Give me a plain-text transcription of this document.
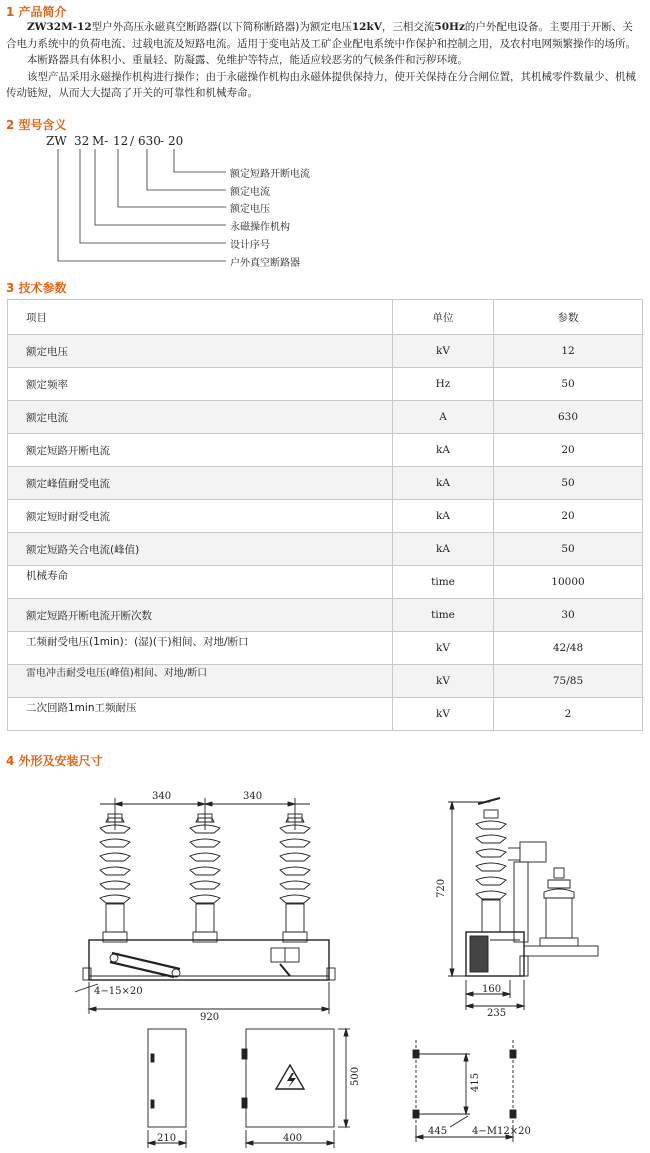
1 产品简介

ZW32M-12型户外高压永磁真空断路器(以下简称断路器)为额定电压12kV，三相交流50Hz的户外配电设备。主要用于开断、关合电力系统中的负荷电流、过载电流及短路电流。适用于变电站及工矿企业配电系统中作保护和控制之用，及农村电网频繁操作的场所。

本断路器具有体积小、重量轻、防凝露、免维护等特点，能适应较恶劣的气候条件和污秽环境。

该型产品采用永磁操作机构进行操作；由于永磁操作机构由永磁体提供保持力，使开关保持在分合闸位置，其机械零件数量少、机械传动链短，从而大大提高了开关的可靠性和机械寿命。

2 型号含义
ZW 32 M- 12 / 630 - 20
额定短路开断电流
额定电流
额定电压
永磁操作机构
设计序号
户外真空断路器
3 技术参数
项目	单位	参数
额定电压	kV	12
额定频率	Hz	50
额定电流	A	630
额定短路开断电流	kA	20
额定峰值耐受电流	kA	50
额定短时耐受电流	kA	20
额定短路关合电流(峰值)	kA	50
机械寿命	time	10000
额定短路开断电流开断次数	time	30
工频耐受电压(1min)：(湿)(干)相间、对地/断口	kV	42/48
雷电冲击耐受电压(峰值)相间、对地/断口	kV	75/85
二次回路1min工频耐压	kV	2
4 外形及安装尺寸
340	340
920
4−15×20
720
160
235
210	400
500	415
445 4−M12×20
